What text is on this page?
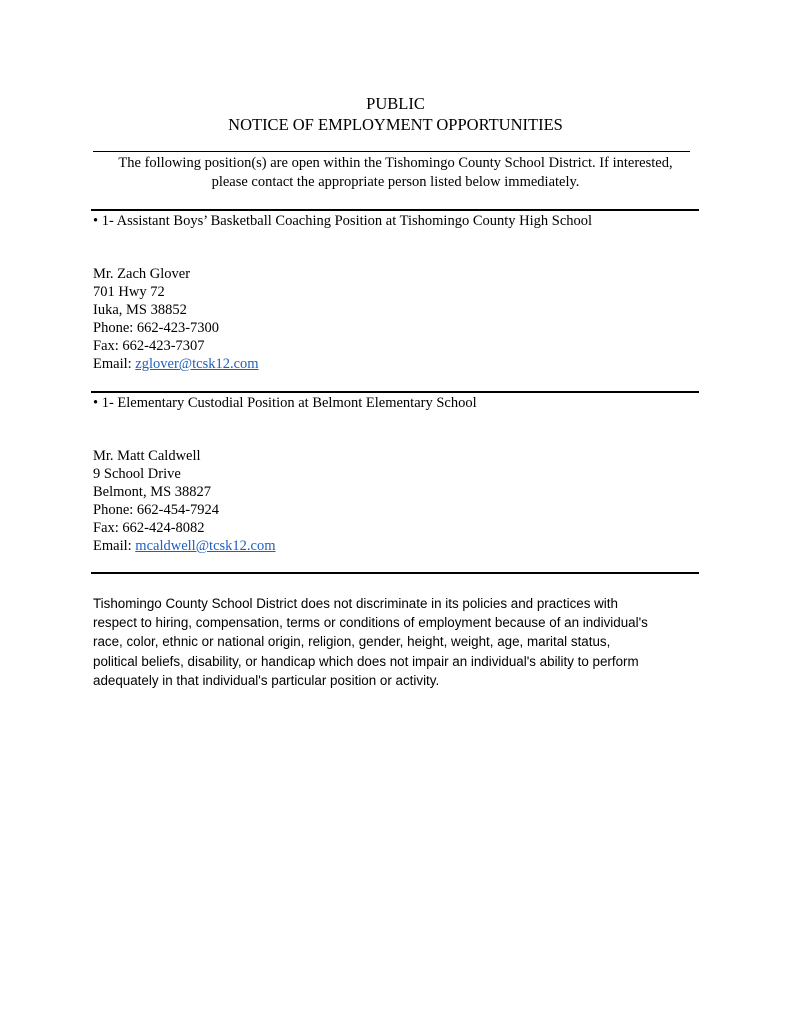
PUBLIC
NOTICE OF EMPLOYMENT OPPORTUNITIES
The following position(s) are open within the Tishomingo County School District. If interested,
please contact the appropriate person listed below immediately.
• 1- Assistant Boys’ Basketball Coaching Position at Tishomingo County High School
Mr. Zach Glover
701 Hwy 72
Iuka, MS 38852
Phone: 662-423-7300
Fax: 662-423-7307
Email: zglover@tcsk12.com
• 1- Elementary Custodial Position at Belmont Elementary School
Mr. Matt Caldwell
9 School Drive
Belmont, MS 38827
Phone: 662-454-7924
Fax: 662-424-8082
Email: mcaldwell@tcsk12.com
Tishomingo County School District does not discriminate in its policies and practices with
respect to hiring, compensation, terms or conditions of employment because of an individual's
race, color, ethnic or national origin, religion, gender, height, weight, age, marital status,
political beliefs, disability, or handicap which does not impair an individual's ability to perform
adequately in that individual's particular position or activity.
